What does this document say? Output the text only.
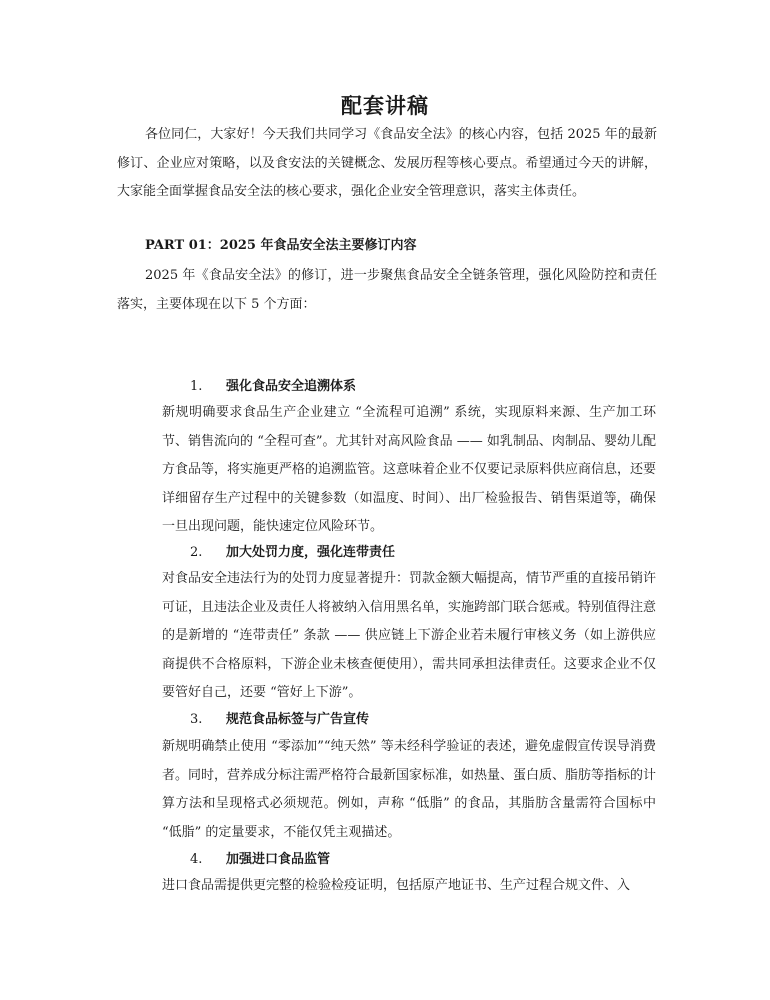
配套讲稿
各位同仁，大家好！今天我们共同学习《食品安全法》的核心内容，包括 2025 年的最新修订、企业应对策略，以及食安法的关键概念、发展历程等核心要点。希望通过今天的讲解，大家能全面掌握食品安全法的核心要求，强化企业安全管理意识，落实主体责任。
PART 01：2025 年食品安全法主要修订内容
2025 年《食品安全法》的修订，进一步聚焦食品安全全链条管理，强化风险防控和责任落实，主要体现在以下 5 个方面：
1. 强化食品安全追溯体系
新规明确要求食品生产企业建立 “全流程可追溯” 系统，实现原料来源、生产加工环节、销售流向的 “全程可查”。尤其针对高风险食品 —— 如乳制品、肉制品、婴幼儿配方食品等，将实施更严格的追溯监管。这意味着企业不仅要记录原料供应商信息，还要详细留存生产过程中的关键参数（如温度、时间）、出厂检验报告、销售渠道等，确保一旦出现问题，能快速定位风险环节。
2. 加大处罚力度，强化连带责任
对食品安全违法行为的处罚力度显著提升：罚款金额大幅提高，情节严重的直接吊销许可证，且违法企业及责任人将被纳入信用黑名单，实施跨部门联合惩戒。特别值得注意的是新增的 “连带责任” 条款 —— 供应链上下游企业若未履行审核义务（如上游供应商提供不合格原料，下游企业未核查便使用），需共同承担法律责任。这要求企业不仅要管好自己，还要 “管好上下游”。
3. 规范食品标签与广告宣传
新规明确禁止使用 “零添加”“纯天然” 等未经科学验证的表述，避免虚假宣传误导消费者。同时，营养成分标注需严格符合最新国家标准，如热量、蛋白质、脂肪等指标的计算方法和呈现格式必须规范。例如，声称 “低脂” 的食品，其脂肪含量需符合国标中 “低脂” 的定量要求，不能仅凭主观描述。
4. 加强进口食品监管
进口食品需提供更完整的检验检疫证明，包括原产地证书、生产过程合规文件、入
